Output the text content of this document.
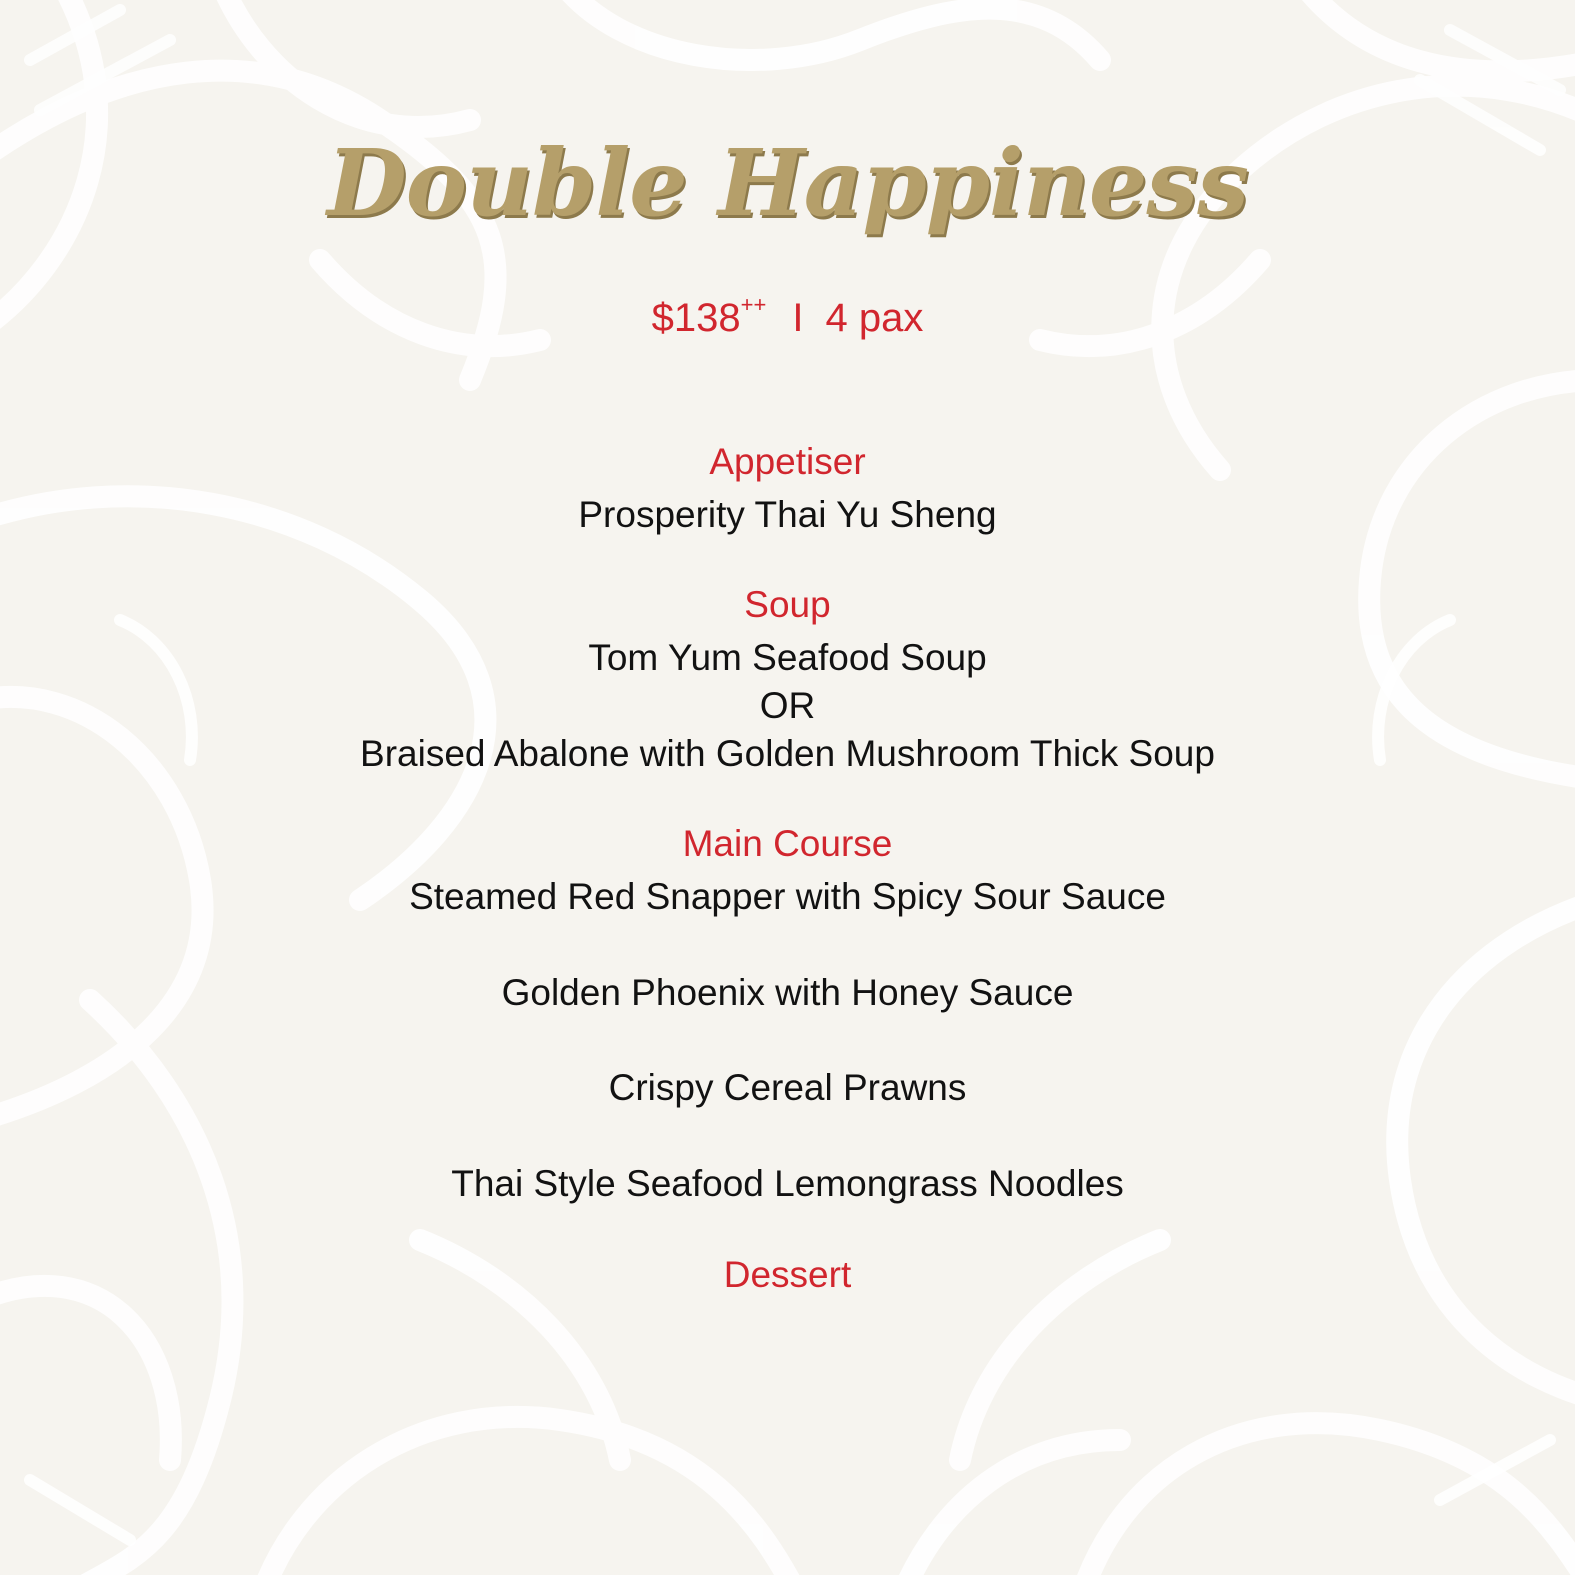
Double Happiness
$138++ I 4 pax
Appetiser
Prosperity Thai Yu Sheng
Soup
Tom Yum Seafood Soup
OR
Braised Abalone with Golden Mushroom Thick Soup
Main Course
Steamed Red Snapper with Spicy Sour Sauce
Golden Phoenix with Honey Sauce
Crispy Cereal Prawns
Thai Style Seafood Lemongrass Noodles
Dessert
